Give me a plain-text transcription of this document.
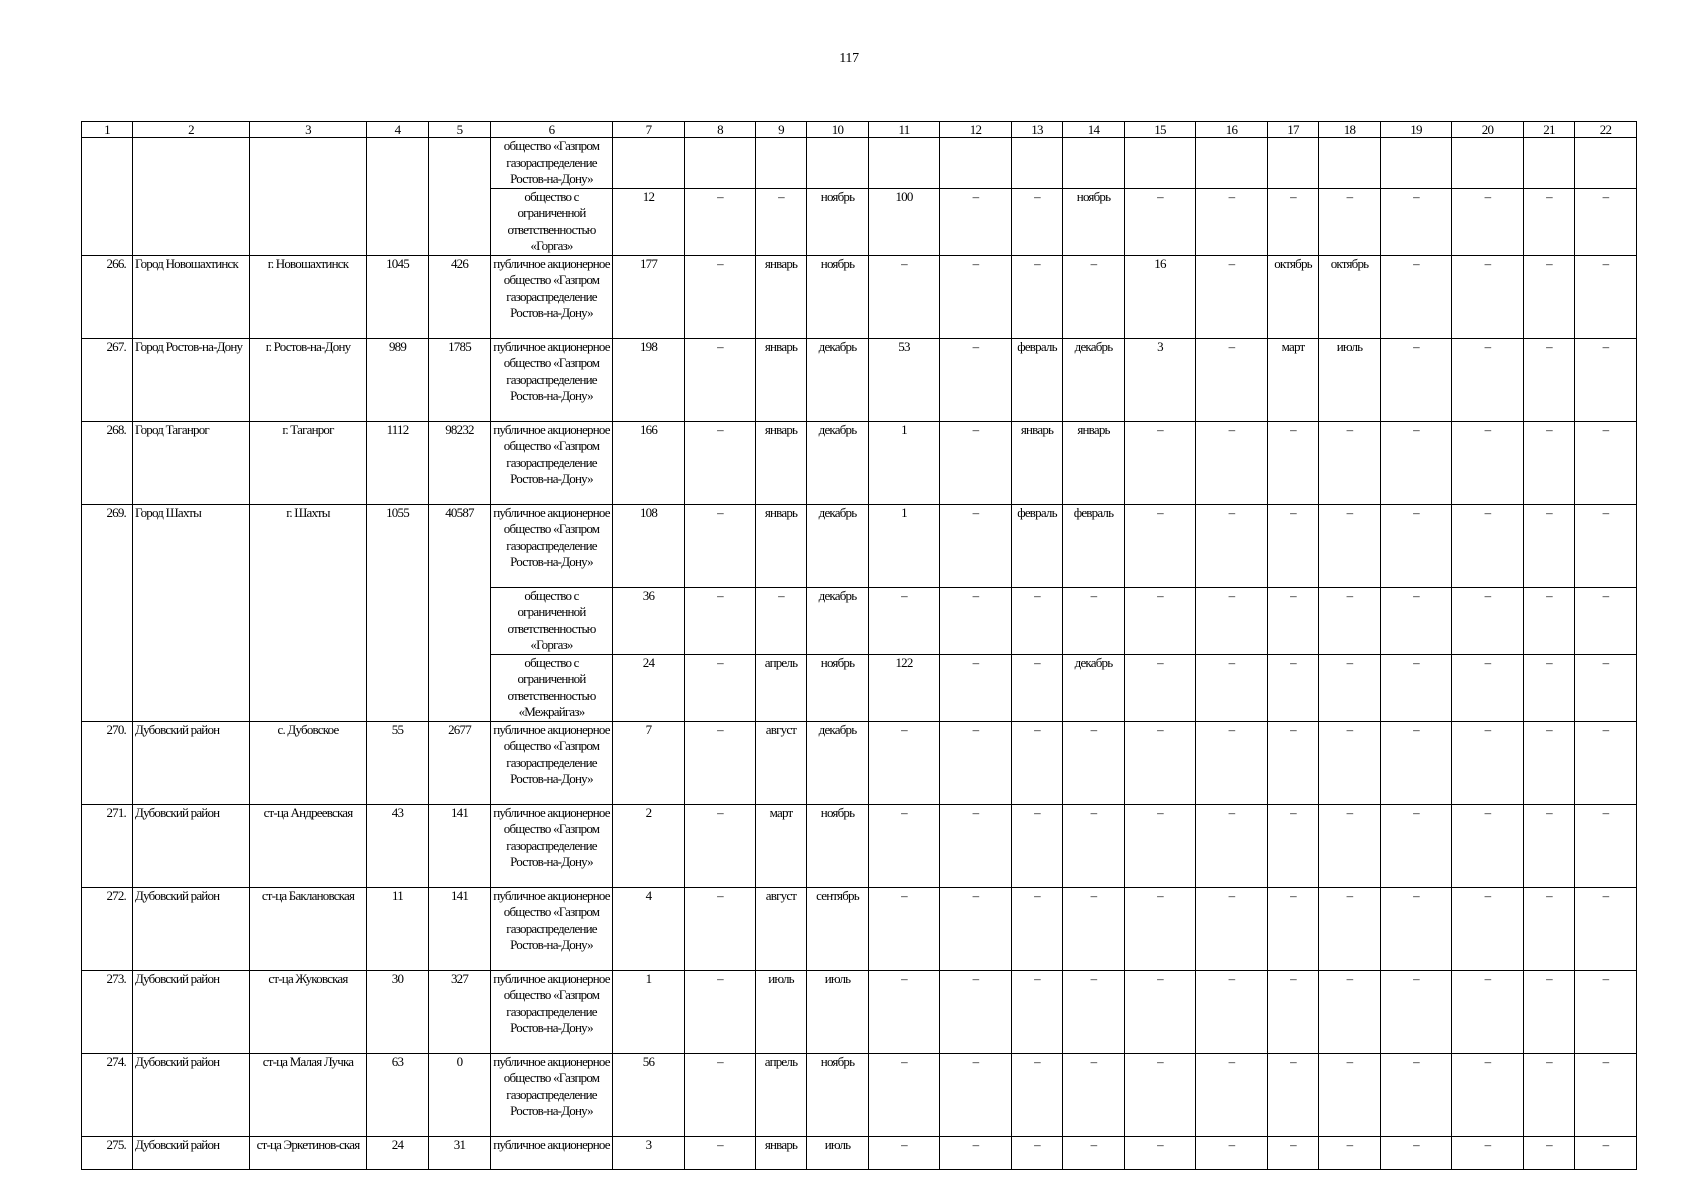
117
1	2	3	4	5	6	7	8	9	10	11	12	13	14	15	16	17	18	19	20	21	22
					общество «Газпром газораспределение Ростов-на-Дону»																
					общество с ограниченной ответственностью «Горгаз»	12	–	–	ноябрь	100	–	–	ноябрь	–	–	–	–	–	–	–	–
266.	Город Новошахтинск	г. Новошахтинск	1045	426	публичное акционерное общество «Газпром газораспределение Ростов-на-Дону»	177	–	январь	ноябрь	–	–	–	–	16	–	октябрь	октябрь	–	–	–	–
267.	Город Ростов-на-Дону	г. Ростов-на-Дону	989	1785	публичное акционерное общество «Газпром газораспределение Ростов-на-Дону»	198	–	январь	декабрь	53	–	февраль	декабрь	3	–	март	июль	–	–	–	–
268.	Город Таганрог	г. Таганрог	1112	98232	публичное акционерное общество «Газпром газораспределение Ростов-на-Дону»	166	–	январь	декабрь	1	–	январь	январь	–	–	–	–	–	–	–	–
269.	Город Шахты	г. Шахты	1055	40587	публичное акционерное общество «Газпром газораспределение Ростов-на-Дону»	108	–	январь	декабрь	1	–	февраль	февраль	–	–	–	–	–	–	–	–
					общество с ограниченной ответственностью «Горгаз»	36	–	–	декабрь	–	–	–	–	–	–	–	–	–	–	–	–
					общество с ограниченной ответственностью «Межрайгаз»	24	–	апрель	ноябрь	122	–	–	декабрь	–	–	–	–	–	–	–	–
270.	Дубовский район	с. Дубовское	55	2677	публичное акционерное общество «Газпром газораспределение Ростов-на-Дону»	7	–	август	декабрь	–	–	–	–	–	–	–	–	–	–	–	–
271.	Дубовский район	ст-ца Андреевская	43	141	публичное акционерное общество «Газпром газораспределение Ростов-на-Дону»	2	–	март	ноябрь	–	–	–	–	–	–	–	–	–	–	–	–
272.	Дубовский район	ст-ца Баклановская	11	141	публичное акционерное общество «Газпром газораспределение Ростов-на-Дону»	4	–	август	сентябрь	–	–	–	–	–	–	–	–	–	–	–	–
273.	Дубовский район	ст-ца Жуковская	30	327	публичное акционерное общество «Газпром газораспределение Ростов-на-Дону»	1	–	июль	июль	–	–	–	–	–	–	–	–	–	–	–	–
274.	Дубовский район	ст-ца Малая Лучка	63	0	публичное акционерное общество «Газпром газораспределение Ростов-на-Дону»	56	–	апрель	ноябрь	–	–	–	–	–	–	–	–	–	–	–	–
275.	Дубовский район	ст-ца Эркетинов-ская	24	31	публичное акционерное	3	–	январь	июль	–	–	–	–	–	–	–	–	–	–	–	–
